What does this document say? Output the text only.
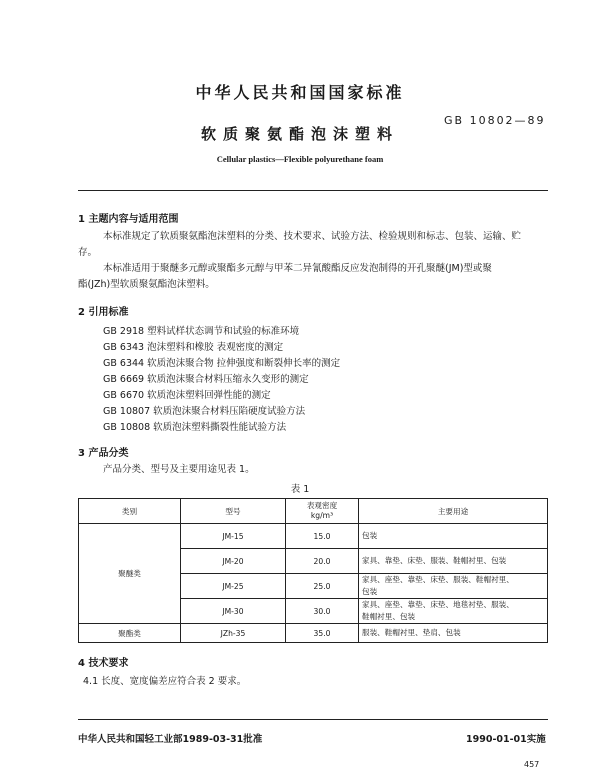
中华人民共和国国家标准
GB 10802—89
软质聚氨酯泡沫塑料
Cellular plastics—Flexible polyurethane foam
1 主题内容与适用范围
本标准规定了软质聚氨酯泡沫塑料的分类、技术要求、试验方法、检验规则和标志、包装、运输、贮
存。
本标准适用于聚醚多元醇或聚酯多元醇与甲苯二异氰酸酯反应发泡制得的开孔聚醚(JM)型或聚
酯(JZh)型软质聚氨酯泡沫塑料。
2 引用标准
GB 2918 塑料试样状态调节和试验的标准环境
GB 6343 泡沫塑料和橡胶 表观密度的测定
GB 6344 软质泡沫聚合物 拉伸强度和断裂伸长率的测定
GB 6669 软质泡沫聚合材料压缩永久变形的测定
GB 6670 软质泡沫塑料回弹性能的测定
GB 10807 软质泡沫聚合材料压陷硬度试验方法
GB 10808 软质泡沫塑料撕裂性能试验方法
3 产品分类
产品分类、型号及主要用途见表 1。
表 1
类别	型号	表观密度
kg/m³	主要用途
聚醚类	JM-15	15.0	包装

	JM-20	20.0	家具、靠垫、床垫、服装、鞋帽衬里、包装

	JM-25	25.0	家具、座垫、靠垫、床垫、服装、鞋帽衬里、
包装

	JM-30	30.0	家具、座垫、靠垫、床垫、地毯衬垫、服装、
鞋帽衬里、包装

聚酯类	JZh-35	35.0	服装、鞋帽衬里、垫肩、包装
4 技术要求
4.1 长度、宽度偏差应符合表 2 要求。
中华人民共和国轻工业部1989-03-31批准	1990-01-01实施
457
